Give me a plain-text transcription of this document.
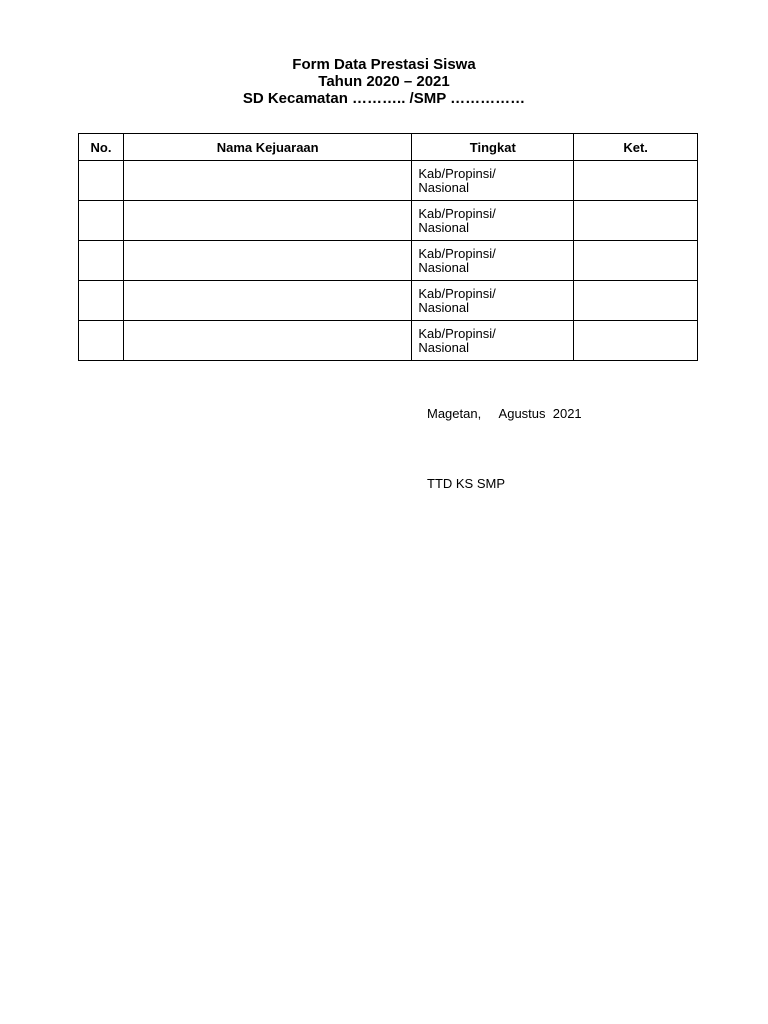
Form Data Prestasi Siswa

Tahun 2020 – 2021

SD Kecamatan ……….. /SMP ……………

No.	Nama Kejuaraan	Tingkat	Ket.

		Kab/Propinsi/
Nasional	

		Kab/Propinsi/
Nasional	

		Kab/Propinsi/
Nasional	

		Kab/Propinsi/
Nasional	

		Kab/Propinsi/
Nasional	

Magetan,     Agustus  2021
TTD KS SMP
